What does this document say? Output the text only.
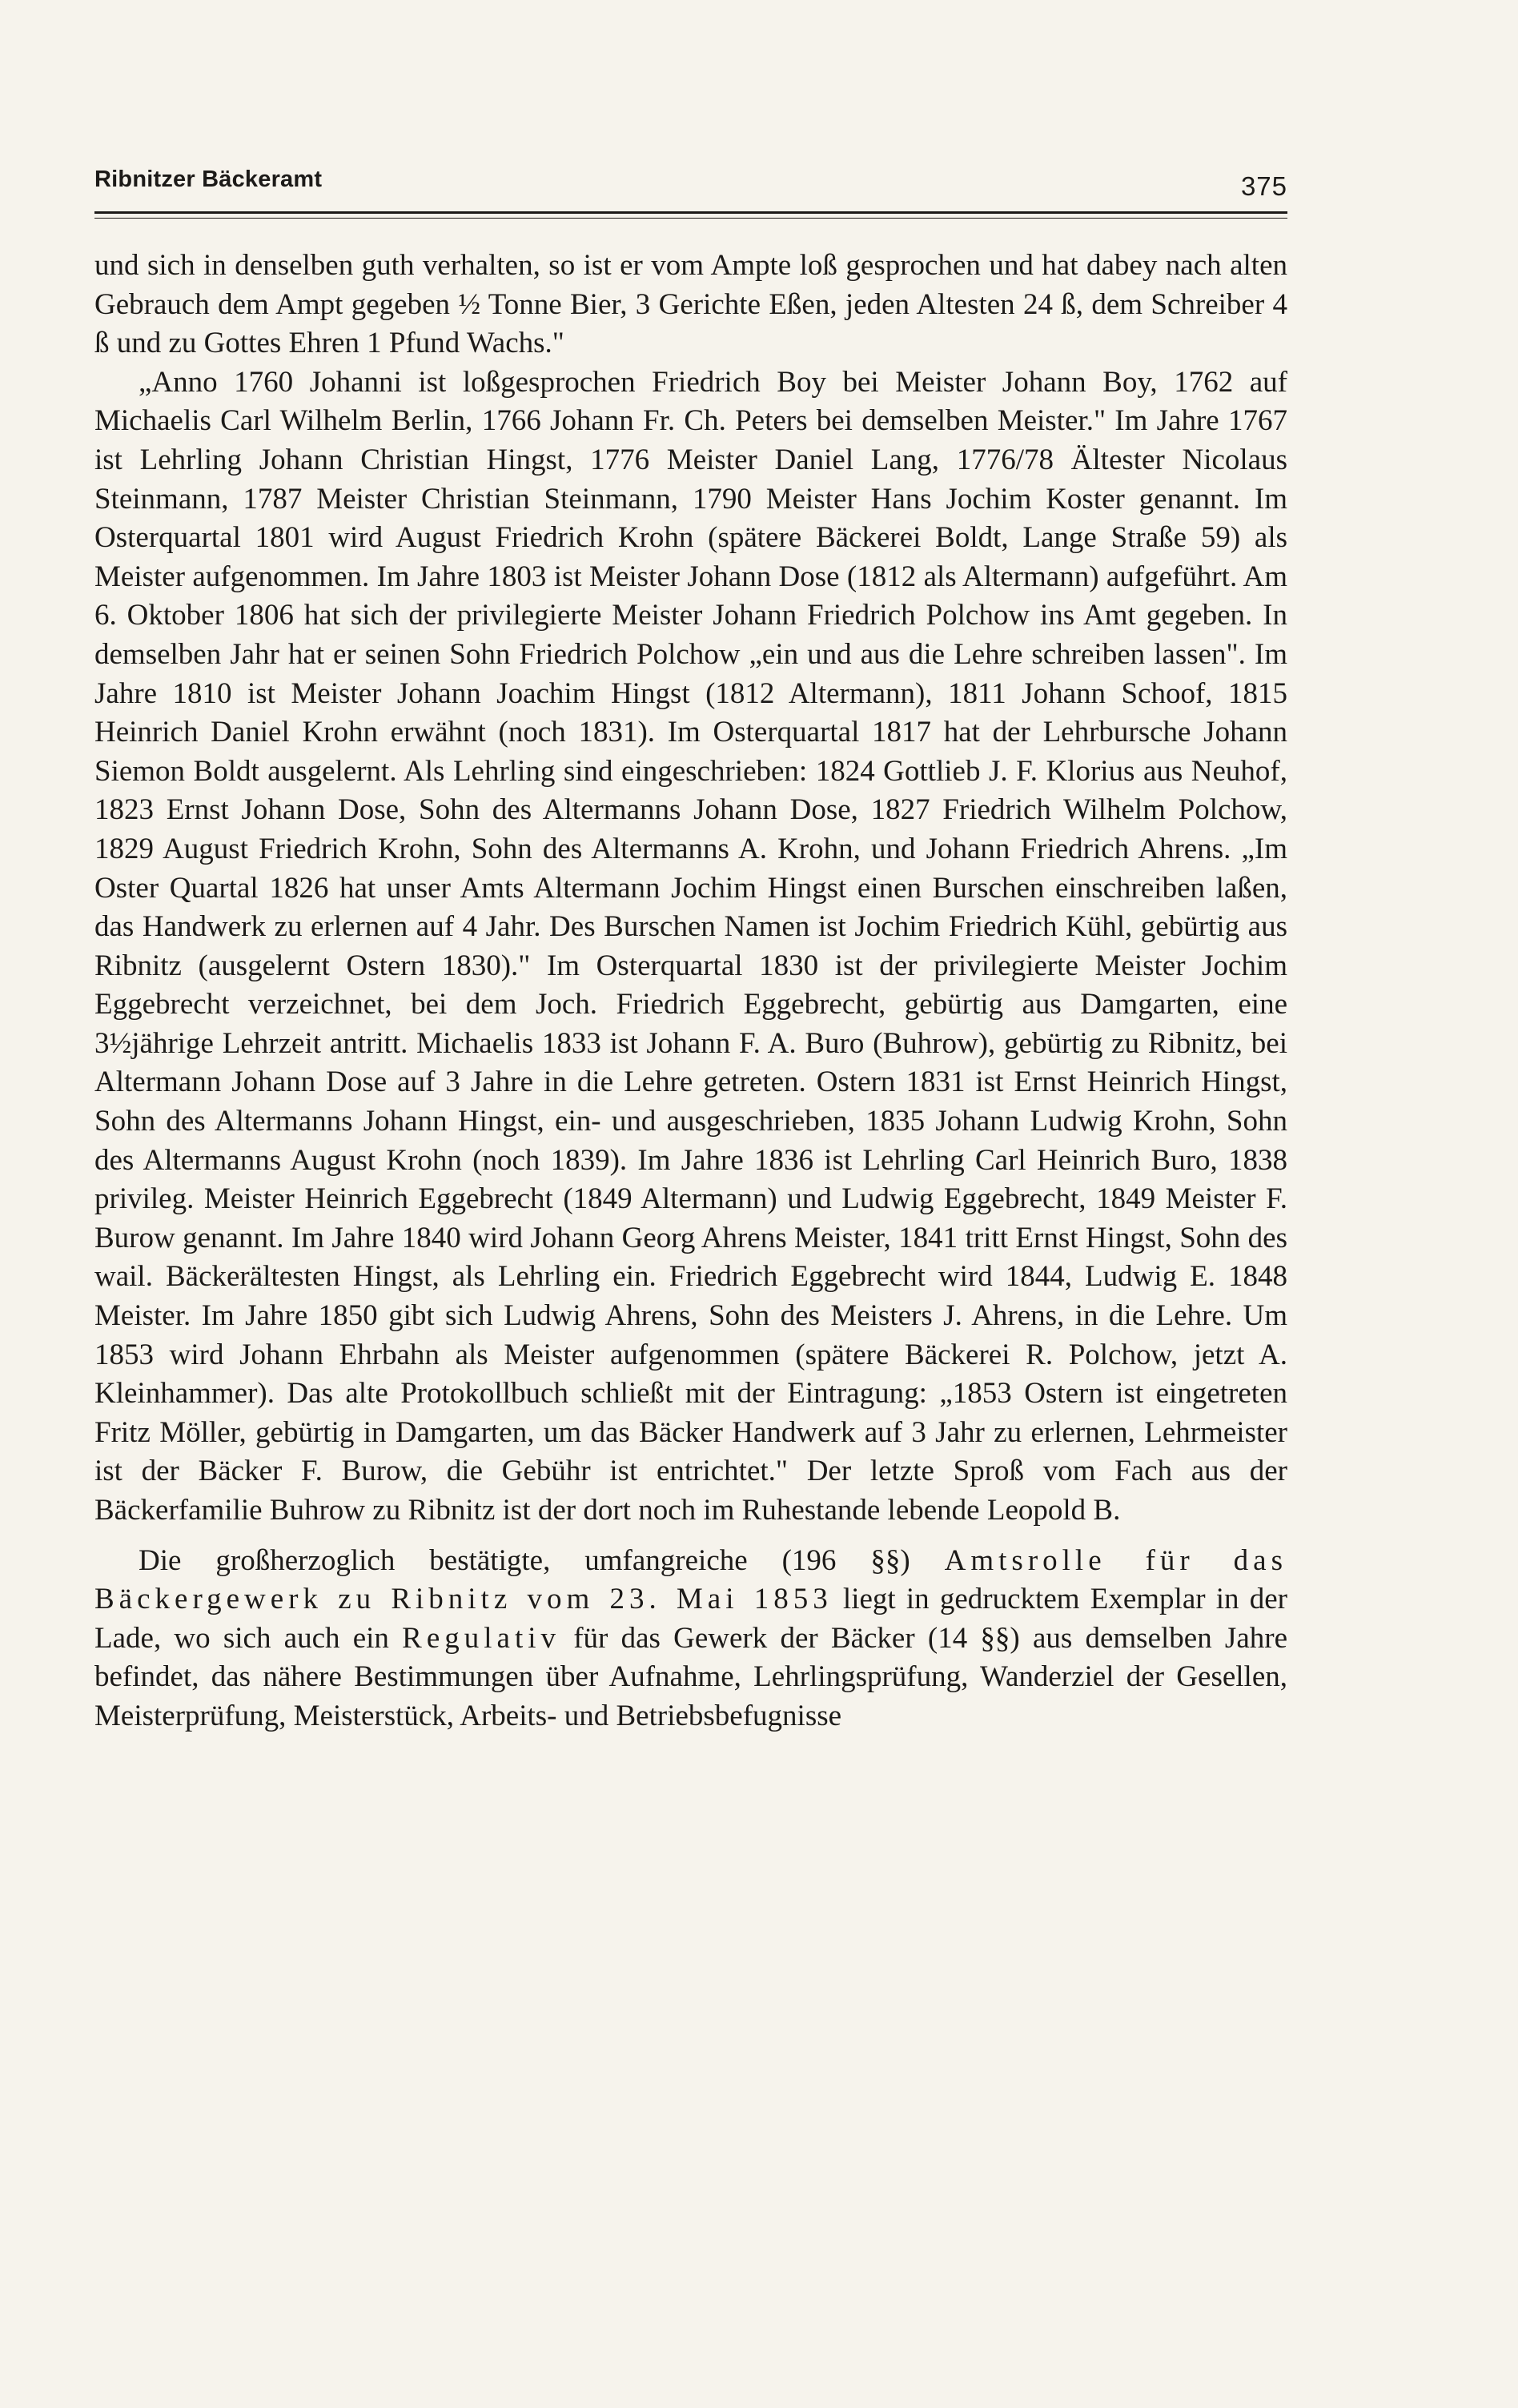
Ribnitzer Bäckeramt	375

und sich in denselben guth verhalten, so ist er vom Ampte loß gesprochen und hat dabey nach alten Gebrauch dem Ampt gegeben ½ Tonne Bier, 3 Gerichte Eßen, jeden Altesten 24 ß, dem Schreiber 4 ß und zu Gottes Ehren 1 Pfund Wachs."

„Anno 1760 Johanni ist loßgesprochen Friedrich Boy bei Meister Johann Boy, 1762 auf Michaelis Carl Wilhelm Berlin, 1766 Johann Fr. Ch. Peters bei demselben Meister." Im Jahre 1767 ist Lehrling Johann Christian Hingst, 1776 Meister Daniel Lang, 1776/78 Ältester Nicolaus Steinmann, 1787 Meister Christian Steinmann, 1790 Meister Hans Jochim Koster genannt. Im Osterquartal 1801 wird August Friedrich Krohn (spätere Bäckerei Boldt, Lange Straße 59) als Meister aufgenommen. Im Jahre 1803 ist Meister Johann Dose (1812 als Altermann) aufgeführt. Am 6. Oktober 1806 hat sich der privilegierte Meister Johann Friedrich Polchow ins Amt gegeben. In demselben Jahr hat er seinen Sohn Friedrich Polchow „ein und aus die Lehre schreiben lassen". Im Jahre 1810 ist Meister Johann Joachim Hingst (1812 Altermann), 1811 Johann Schoof, 1815 Heinrich Daniel Krohn erwähnt (noch 1831). Im Osterquartal 1817 hat der Lehrbursche Johann Siemon Boldt ausgelernt. Als Lehrling sind eingeschrieben: 1824 Gottlieb J. F. Klorius aus Neuhof, 1823 Ernst Johann Dose, Sohn des Altermanns Johann Dose, 1827 Friedrich Wilhelm Polchow, 1829 August Friedrich Krohn, Sohn des Altermanns A. Krohn, und Johann Friedrich Ahrens. „Im Oster Quartal 1826 hat unser Amts Altermann Jochim Hingst einen Burschen einschreiben laßen, das Handwerk zu erlernen auf 4 Jahr. Des Burschen Namen ist Jochim Friedrich Kühl, gebürtig aus Ribnitz (ausgelernt Ostern 1830)." Im Osterquartal 1830 ist der privilegierte Meister Jochim Eggebrecht verzeichnet, bei dem Joch. Friedrich Eggebrecht, gebürtig aus Damgarten, eine 3½jährige Lehrzeit antritt. Michaelis 1833 ist Johann F. A. Buro (Buhrow), gebürtig zu Ribnitz, bei Altermann Johann Dose auf 3 Jahre in die Lehre getreten. Ostern 1831 ist Ernst Heinrich Hingst, Sohn des Altermanns Johann Hingst, ein- und ausgeschrieben, 1835 Johann Ludwig Krohn, Sohn des Altermanns August Krohn (noch 1839). Im Jahre 1836 ist Lehrling Carl Heinrich Buro, 1838 privileg. Meister Heinrich Eggebrecht (1849 Altermann) und Ludwig Eggebrecht, 1849 Meister F. Burow genannt. Im Jahre 1840 wird Johann Georg Ahrens Meister, 1841 tritt Ernst Hingst, Sohn des wail. Bäckerältesten Hingst, als Lehrling ein. Friedrich Eggebrecht wird 1844, Ludwig E. 1848 Meister. Im Jahre 1850 gibt sich Ludwig Ahrens, Sohn des Meisters J. Ahrens, in die Lehre. Um 1853 wird Johann Ehrbahn als Meister aufgenommen (spätere Bäckerei R. Polchow, jetzt A. Kleinhammer). Das alte Protokollbuch schließt mit der Eintragung: „1853 Ostern ist eingetreten Fritz Möller, gebürtig in Damgarten, um das Bäcker Handwerk auf 3 Jahr zu erlernen, Lehrmeister ist der Bäcker F. Burow, die Gebühr ist entrichtet." Der letzte Sproß vom Fach aus der Bäckerfamilie Buhrow zu Ribnitz ist der dort noch im Ruhestande lebende Leopold B.

Die großherzoglich bestätigte, umfangreiche (196 §§) Amtsrolle für das Bäckergewerk zu Ribnitz vom 23. Mai 1853 liegt in gedrucktem Exemplar in der Lade, wo sich auch ein Regulativ für das Gewerk der Bäcker (14 §§) aus demselben Jahre befindet, das nähere Bestimmungen über Aufnahme, Lehrlingsprüfung, Wanderziel der Gesellen, Meisterprüfung, Meisterstück, Arbeits- und Betriebsbefugnisse
